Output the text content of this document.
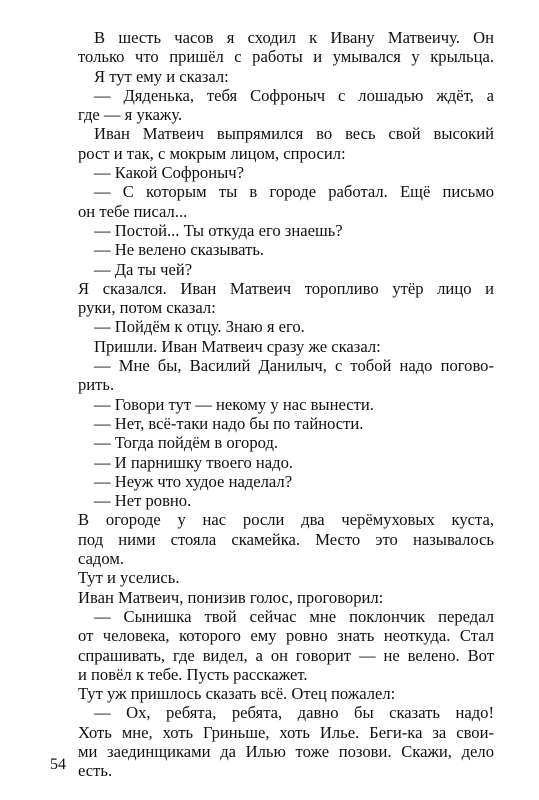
В шесть часов я сходил к Ивану Матвеичу. Он
только что пришёл с работы и умывался у крыльца.
Я тут ему и сказал:
— Дяденька, тебя Софроныч с лошадью ждёт, а
где — я укажу.
Иван Матвеич выпрямился во весь свой высокий
рост и так, с мокрым лицом, спросил:
— Какой Софроныч?
— С которым ты в городе работал. Ещё письмо
он тебе писал...
— Постой... Ты откуда его знаешь?
— Не велено сказывать.
— Да ты чей?
Я сказался. Иван Матвеич торопливо утёр лицо и
руки, потом сказал:
— Пойдём к отцу. Знаю я его.
Пришли. Иван Матвеич сразу же сказал:
— Мне бы, Василий Данилыч, с тобой надо погово-
рить.
— Говори тут — некому у нас вынести.
— Нет, всё-таки надо бы по тайности.
— Тогда пойдём в огород.
— И парнишку твоего надо.
— Неуж что худое наделал?
— Нет ровно.
В огороде у нас росли два черёмуховых куста,
под ними стояла скамейка. Место это называлось
садом.
Тут и уселись.
Иван Матвеич, понизив голос, проговорил:
— Сынишка твой сейчас мне поклончик передал
от человека, которого ему ровно знать неоткуда. Стал
спрашивать, где видел, а он говорит — не велено. Вот
и повёл к тебе. Пусть расскажет.
Тут уж пришлось сказать всё. Отец пожалел:
— Ох, ребята, ребята, давно бы сказать надо!
Хоть мне, хоть Гриньше, хоть Илье. Беги-ка за свои-
ми заединщиками да Илью тоже позови. Скажи, дело
есть.
54
